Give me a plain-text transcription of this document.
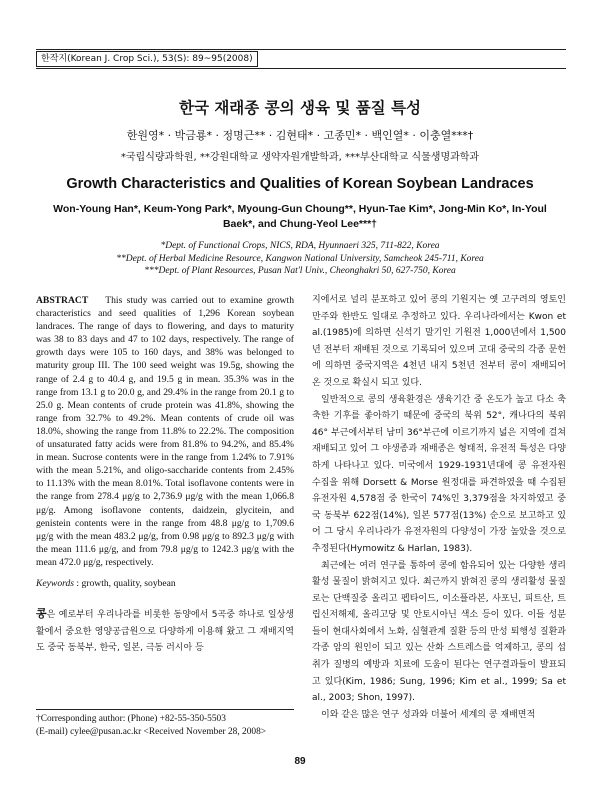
한작지(Korean J. Crop Sci.), 53(S): 89~95(2008)
한국 재래종 콩의 생육 및 품질 특성
한원영* · 박금룡* · 정명근** · 김현태* · 고종민* · 백인열* · 이충열***†
*국립식량과학원, **강원대학교 생약자원개발학과, ***부산대학교 식물생명과학과
Growth Characteristics and Qualities of Korean Soybean Landraces
Won-Young Han*, Keum-Yong Park*, Myoung-Gun Choung**, Hyun-Tae Kim*, Jong-Min Ko*, In-Youl Baek*, and Chung-Yeol Lee***†
*Dept. of Functional Crops, NICS, RDA, Hyunnaeri 325, 711-822, Korea
**Dept. of Herbal Medicine Resource, Kangwon National University, Samcheok 245-711, Korea
***Dept. of Plant Resources, Pusan Nat'l Univ., Cheonghakri 50, 627-750, Korea
ABSTRACT This study was carried out to examine growth characteristics and seed qualities of 1,296 Korean soybean landraces. The range of days to flowering, and days to maturity was 38 to 83 days and 47 to 102 days, respectively. The range of growth days were 105 to 160 days, and 38% was belonged to maturity group III. The 100 seed weight was 19.5g, showing the range of 2.4 g to 40.4 g, and 19.5 g in mean. 35.3% was in the range from 13.1 g to 20.0 g, and 29.4% in the range from 20.1 g to 25.0 g. Mean contents of crude protein was 41.8%, showing the range from 32.7% to 49.2%. Mean contents of crude oil was 18.0%, showing the range from 11.8% to 22.2%. The composition of unsaturated fatty acids were from 81.8% to 94.2%, and 85.4% in mean. Sucrose contents were in the range from 1.24% to 7.91% with the mean 5.21%, and oligo-saccharide contents from 2.45% to 11.13% with the mean 8.01%. Total isoflavone contents were in the range from 278.4 μg/g to 2,736.9 μg/g with the mean 1,066.8 μg/g. Among isoflavone contents, daidzein, glycitein, and genistein contents were in the range from 48.8 μg/g to 1,709.6 μg/g with the mean 483.2 μg/g, from 0.98 μg/g to 892.3 μg/g with the mean 111.6 μg/g, and from 79.8 μg/g to 1242.3 μg/g with the mean 472.0 μg/g, respectively.
Keywords : growth, quality, soybean
콩은 예로부터 우리나라를 비롯한 동양에서 5곡중 하나로 일상생활에서 중요한 영양공급원으로 다양하게 이용해 왔고 그 재배지역도 중국 동북부, 한국, 일본, 극동 러시아 등
†Corresponding author: (Phone) +82-55-350-5503
(E-mail) cylee@pusan.ac.kr <Received November 28, 2008>

지에서로 널리 분포하고 있어 콩의 기원지는 옛 고구려의 영토인 만주와 한반도 일대로 추정하고 있다. 우리나라에서는 Kwon et al.(1985)에 의하면 신석기 말기인 기원전 1,000년에서 1,500년 전부터 재배된 것으로 기록되어 있으며 고대 중국의 각종 문헌에 의하면 중국지역은 4천년 내지 5천년 전부터 콩이 재배되어 온 것으로 확실시 되고 있다.

일반적으로 콩의 생육환경은 생육기간 중 온도가 높고 다소 축축한 기후를 좋아하기 때문에 중국의 북위 52°, 캐나다의 북위 46° 부근에서부터 남미 36°부근에 이르기까지 넓은 지역에 걸쳐 재배되고 있어 그 야생종과 재배종은 형태적, 유전적 특성은 다양하게 나타나고 있다. 미국에서 1929-1931년대에 콩 유전자원 수집을 위해 Dorsett & Morse 원정대를 파견하였을 때 수집된 유전자원 4,578점 중 한국이 74%인 3,379점을 차지하였고 중국 동북부 622점(14%), 일본 577점(13%) 순으로 보고하고 있어 그 당시 우리나라가 유전자원의 다양성이 가장 높았을 것으로 추정된다(Hymowitz & Harlan, 1983).

최근에는 여러 연구를 통하여 콩에 함유되어 있는 다양한 생리활성 물질이 밝혀지고 있다. 최근까지 밝혀진 콩의 생리활성 물질로는 단백질중 올리고 펩타이드, 이소플라본, 사포닌, 피트산, 트립신저해제, 올리고당 및 안토시아닌 색소 등이 있다. 이들 성분들이 현대사회에서 노화, 심혈관계 질환 등의 만성 퇴행성 질환과 각종 암의 원인이 되고 있는 산화 스트레스를 억제하고, 콩의 섭취가 질병의 예방과 치료에 도움이 된다는 연구결과들이 발표되고 있다(Kim, 1986; Sung, 1996; Kim et al., 1999; Sa et al., 2003; Shon, 1997).

이와 같은 많은 연구 성과와 더불어 세계의 콩 재배면적

89
